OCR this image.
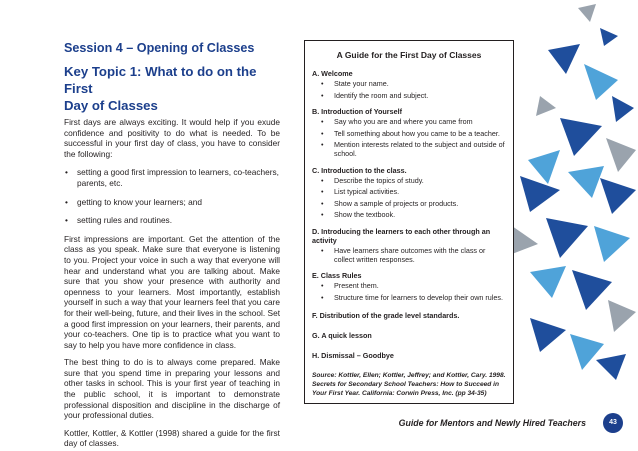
Session 4 – Opening of Classes
Key Topic 1: What to do on the First
Day of Classes

First days are always exciting. It would help if you exude confidence and positivity to do what is needed. To be successful in your first day of class, you have to consider the following:

• setting a good first impression to learners, co-teachers, parents, etc.
• getting to know your learners; and
• setting rules and routines.

First impressions are important. Get the attention of the class as you speak. Make sure that everyone is listening to you. Project your voice in such a way that everyone will hear and understand what you are talking about. Make sure that you show your presence with authority and openness to your learners. Most importantly, establish yourself in such a way that your learners feel that you care for their well-being, future, and their lives in the school. Set a good first impression on your learners, their parents, and your co-teachers. One tip is to practice what you want to say to help you have more confidence in class.

The best thing to do is to always come prepared. Make sure that you spend time in preparing your lessons and other tasks in school. This is your first year of teaching in the public school, it is important to demonstrate professional disposition and discipline in the discharge of your professional duties.

Kottler, Kottler, & Kottler (1998) shared a guide for the first day of classes.

A Guide for the First Day of Classes
A. Welcome
• State your name.
• Identify the room and subject.
B. Introduction of Yourself
• Say who you are and where you came from
• Tell something about how you came to be a teacher.
• Mention interests related to the subject and outside of school.
C. Introduction to the class.
• Describe the topics of study.
• List typical activities.
• Show a sample of projects or products.
• Show the textbook.
D. Introducing the learners to each other through an activity
• Have learners share outcomes with the class or collect written responses.
E. Class Rules
• Present them.
• Structure time for learners to develop their own rules.
F. Distribution of the grade level standards.
G. A quick lesson
H. Dismissal – Goodbye
Source: Kottler, Ellen; Kottler, Jeffrey; and Kottler, Cary. 1998. Secrets for Secondary School Teachers: How to Succeed in Your First Year. California: Corwin Press, Inc. (pp 34-35)
Guide for Mentors and Newly Hired Teachers	43
